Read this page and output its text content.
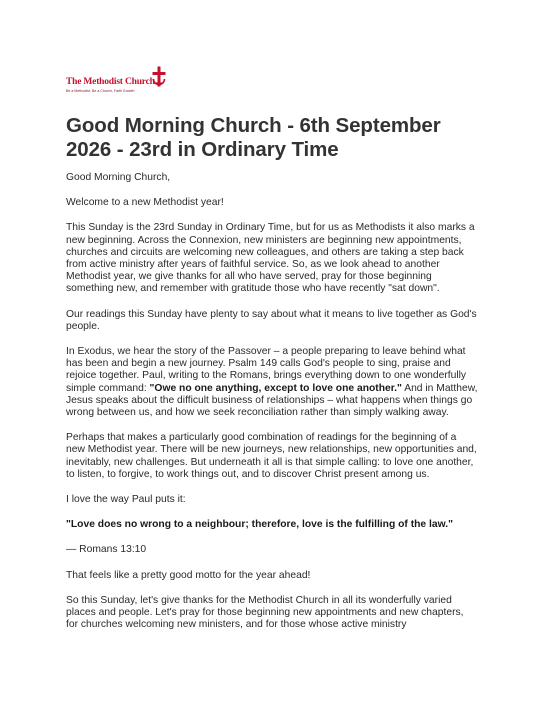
The Methodist Church
Be a Methodist, Be a Church, Faith Growth
Good Morning Church - 6th September 2026 - 23rd in Ordinary Time

Good Morning Church,

Welcome to a new Methodist year!

This Sunday is the 23rd Sunday in Ordinary Time, but for us as Methodists it also marks a new beginning. Across the Connexion, new ministers are beginning new appointments, churches and circuits are welcoming new colleagues, and others are taking a step back from active ministry after years of faithful service. So, as we look ahead to another Methodist year, we give thanks for all who have served, pray for those beginning something new, and remember with gratitude those who have recently "sat down".

Our readings this Sunday have plenty to say about what it means to live together as God's people.

In Exodus, we hear the story of the Passover – a people preparing to leave behind what has been and begin a new journey. Psalm 149 calls God's people to sing, praise and rejoice together. Paul, writing to the Romans, brings everything down to one wonderfully simple command: "Owe no one anything, except to love one another." And in Matthew, Jesus speaks about the difficult business of relationships – what happens when things go wrong between us, and how we seek reconciliation rather than simply walking away.

Perhaps that makes a particularly good combination of readings for the beginning of a new Methodist year. There will be new journeys, new relationships, new opportunities and, inevitably, new challenges. But underneath it all is that simple calling: to love one another, to listen, to forgive, to work things out, and to discover Christ present among us.

I love the way Paul puts it:

"Love does no wrong to a neighbour; therefore, love is the fulfilling of the law."

— Romans 13:10

That feels like a pretty good motto for the year ahead!

So this Sunday, let's give thanks for the Methodist Church in all its wonderfully varied places and people. Let's pray for those beginning new appointments and new chapters, for churches welcoming new ministers, and for those whose active ministry
